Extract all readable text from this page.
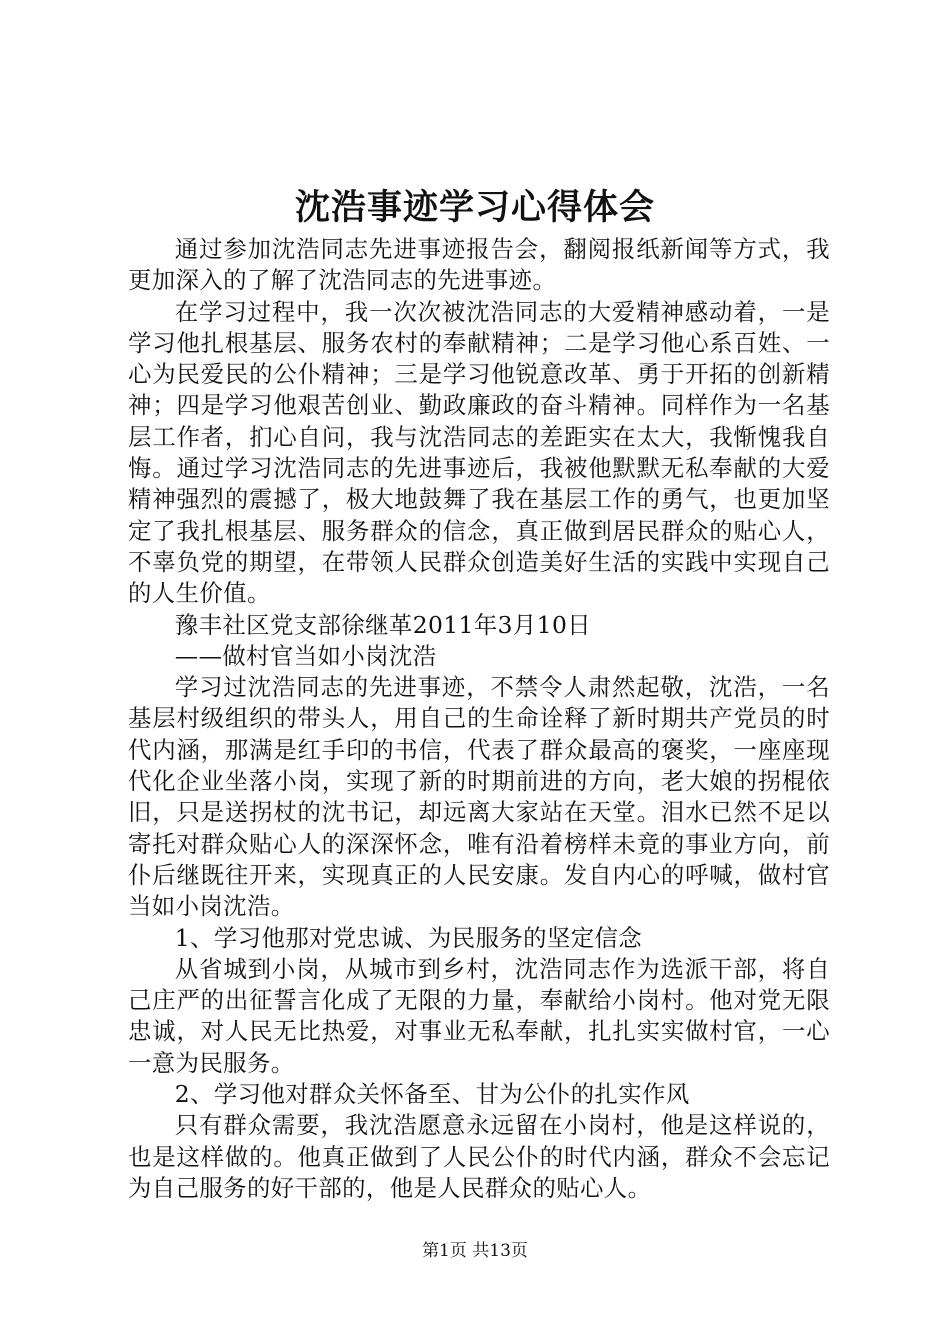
沈浩事迹学习心得体会

通过参加沈浩同志先进事迹报告会，翻阅报纸新闻等方式，我更加深入的了解了沈浩同志的先进事迹。

在学习过程中，我一次次被沈浩同志的大爱精神感动着，一是学习他扎根基层、服务农村的奉献精神；二是学习他心系百姓、一心为民爱民的公仆精神；三是学习他锐意改革、勇于开拓的创新精神；四是学习他艰苦创业、勤政廉政的奋斗精神。同样作为一名基层工作者，扪心自问，我与沈浩同志的差距实在太大，我惭愧我自悔。通过学习沈浩同志的先进事迹后，我被他默默无私奉献的大爱精神强烈的震撼了，极大地鼓舞了我在基层工作的勇气，也更加坚定了我扎根基层、服务群众的信念，真正做到居民群众的贴心人，不辜负党的期望，在带领人民群众创造美好生活的实践中实现自己的人生价值。

豫丰社区党支部徐继革2011年3月10日

——做村官当如小岗沈浩

学习过沈浩同志的先进事迹，不禁令人肃然起敬，沈浩，一名基层村级组织的带头人，用自己的生命诠释了新时期共产党员的时代内涵，那满是红手印的书信，代表了群众最高的褒奖，一座座现代化企业坐落小岗，实现了新的时期前进的方向，老大娘的拐棍依旧，只是送拐杖的沈书记，却远离大家站在天堂。泪水已然不足以寄托对群众贴心人的深深怀念，唯有沿着榜样未竟的事业方向，前仆后继既往开来，实现真正的人民安康。发自内心的呼喊，做村官当如小岗沈浩。

1、学习他那对党忠诚、为民服务的坚定信念

从省城到小岗，从城市到乡村，沈浩同志作为选派干部，将自己庄严的出征誓言化成了无限的力量，奉献给小岗村。他对党无限忠诚，对人民无比热爱，对事业无私奉献，扎扎实实做村官，一心一意为民服务。

2、学习他对群众关怀备至、甘为公仆的扎实作风

只有群众需要，我沈浩愿意永远留在小岗村，他是这样说的，也是这样做的。他真正做到了人民公仆的时代内涵，群众不会忘记为自己服务的好干部的，他是人民群众的贴心人。

第1页 共13页
